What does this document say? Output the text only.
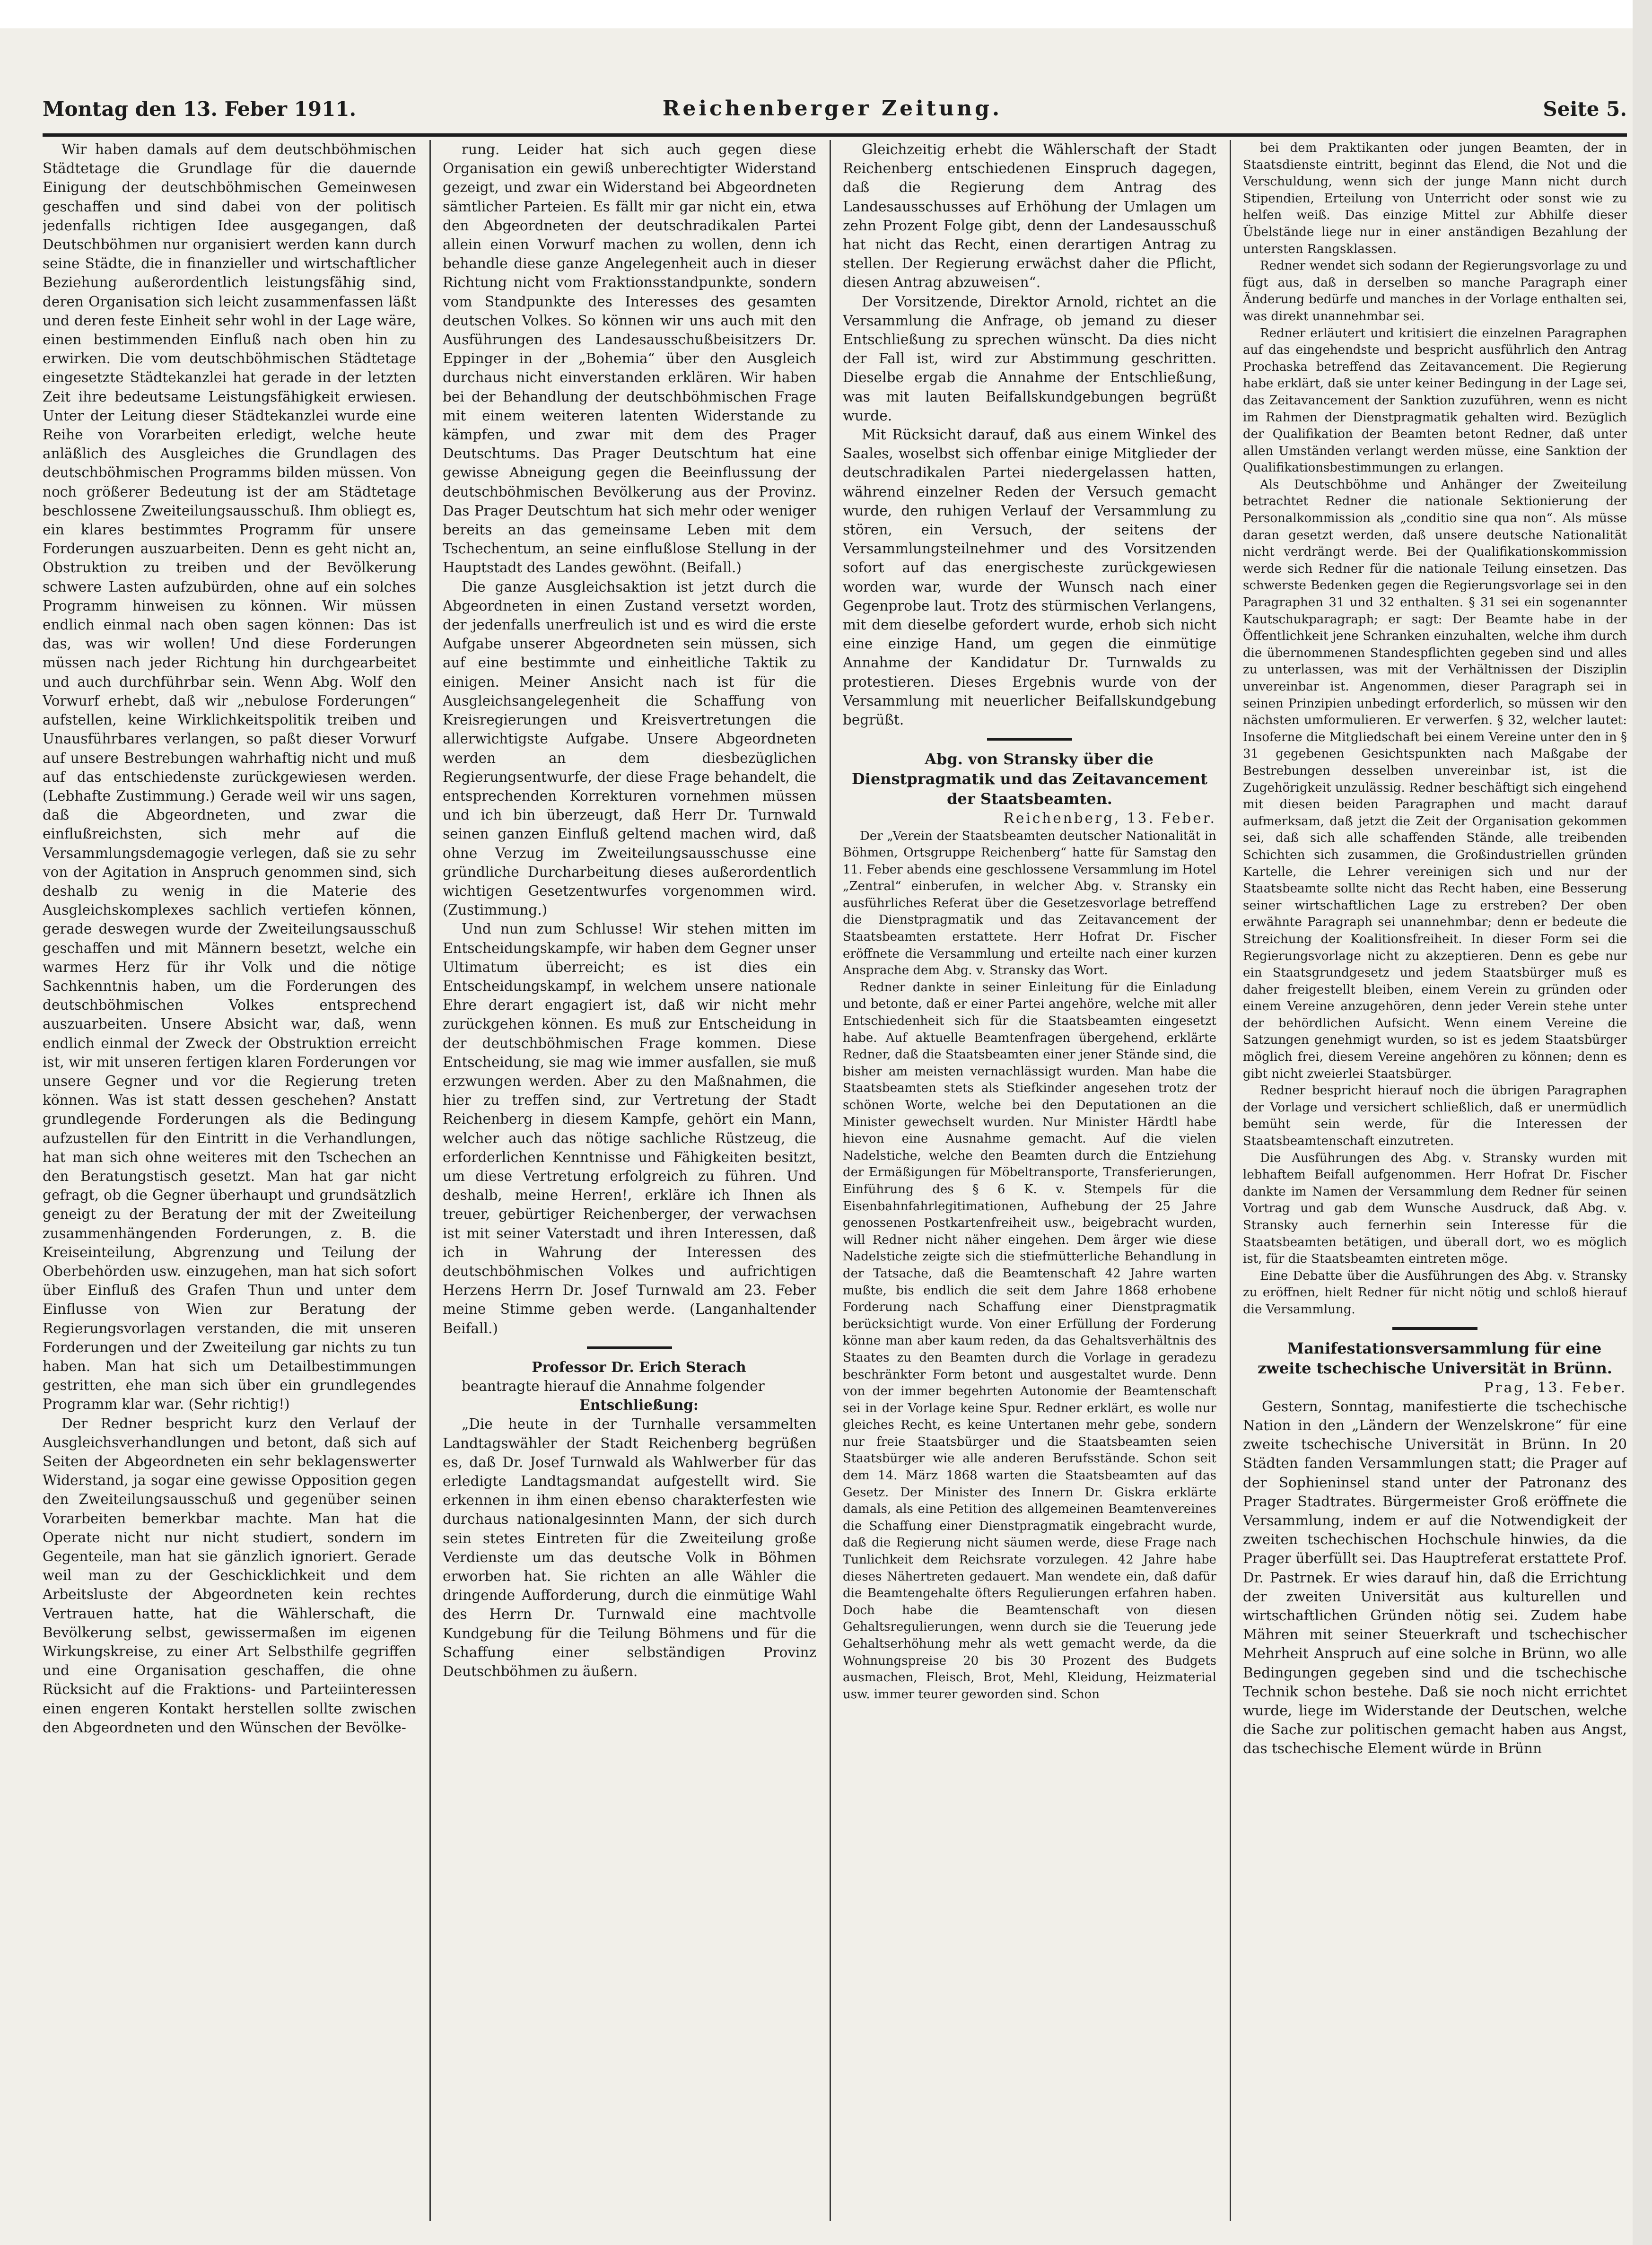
Montag den 13. Feber 1911.	Reichenberger Zeitung.	Seite 5.

Wir haben damals auf dem deutschböhmischen Städtetage die Grundlage für die dauernde Einigung der deutschböhmischen Gemeinwesen geschaffen und sind dabei von der politisch jedenfalls richtigen Idee ausgegangen, daß Deutschböhmen nur organisiert werden kann durch seine Städte, die in finanzieller und wirtschaftlicher Beziehung außerordentlich leistungsfähig sind, deren Organisation sich leicht zusammenfassen läßt und deren feste Einheit sehr wohl in der Lage wäre, einen bestimmenden Einfluß nach oben hin zu erwirken. Die vom deutschböhmischen Städtetage eingesetzte Städtekanzlei hat gerade in der letzten Zeit ihre bedeutsame Leistungsfähigkeit erwiesen. Unter der Leitung dieser Städtekanzlei wurde eine Reihe von Vorarbeiten erledigt, welche heute anläßlich des Ausgleiches die Grundlagen des deutschböhmischen Programms bilden müssen. Von noch größerer Bedeutung ist der am Städtetage beschlossene Zweiteilungsausschuß. Ihm obliegt es, ein klares bestimmtes Programm für unsere Forderungen auszuarbeiten. Denn es geht nicht an, Obstruktion zu treiben und der Bevölkerung schwere Lasten aufzubürden, ohne auf ein solches Programm hinweisen zu können. Wir müssen endlich einmal nach oben sagen können: Das ist das, was wir wollen! Und diese Forderungen müssen nach jeder Richtung hin durchgearbeitet und auch durchführbar sein. Wenn Abg. Wolf den Vorwurf erhebt, daß wir „nebulose Forderungen“ aufstellen, keine Wirklichkeitspolitik treiben und Unausführbares verlangen, so paßt dieser Vorwurf auf unsere Bestrebungen wahrhaftig nicht und muß auf das entschiedenste zurückgewiesen werden. (Lebhafte Zustimmung.) Gerade weil wir uns sagen, daß die Abgeordneten, und zwar die einflußreichsten, sich mehr auf die Versammlungsdemagogie verlegen, daß sie zu sehr von der Agitation in Anspruch genommen sind, sich deshalb zu wenig in die Materie des Ausgleichskomplexes sachlich vertiefen können, gerade deswegen wurde der Zweiteilungsausschuß geschaffen und mit Männern besetzt, welche ein warmes Herz für ihr Volk und die nötige Sachkenntnis haben, um die Forderungen des deutschböhmischen Volkes entsprechend auszuarbeiten. Unsere Absicht war, daß, wenn endlich einmal der Zweck der Obstruktion erreicht ist, wir mit unseren fertigen klaren Forderungen vor unsere Gegner und vor die Regierung treten können. Was ist statt dessen geschehen? Anstatt grundlegende Forderungen als die Bedingung aufzustellen für den Eintritt in die Verhandlungen, hat man sich ohne weiteres mit den Tschechen an den Beratungstisch gesetzt. Man hat gar nicht gefragt, ob die Gegner überhaupt und grundsätzlich geneigt zu der Beratung der mit der Zweiteilung zusammenhängenden Forderungen, z. B. die Kreiseinteilung, Abgrenzung und Teilung der Oberbehörden usw. einzugehen, man hat sich sofort über Einfluß des Grafen Thun und unter dem Einflusse von Wien zur Beratung der Regierungsvorlagen verstanden, die mit unseren Forderungen und der Zweiteilung gar nichts zu tun haben. Man hat sich um Detailbestimmungen gestritten, ehe man sich über ein grundlegendes Programm klar war. (Sehr richtig!)

Der Redner bespricht kurz den Verlauf der Ausgleichsverhandlungen und betont, daß sich auf Seiten der Abgeordneten ein sehr beklagenswerter Widerstand, ja sogar eine gewisse Opposition gegen den Zweiteilungsausschuß und gegenüber seinen Vorarbeiten bemerkbar machte. Man hat die Operate nicht nur nicht studiert, sondern im Gegenteile, man hat sie gänzlich ignoriert. Gerade weil man zu der Geschicklichkeit und dem Arbeitsluste der Abgeordneten kein rechtes Vertrauen hatte, hat die Wählerschaft, die Bevölkerung selbst, gewissermaßen im eigenen Wirkungskreise, zu einer Art Selbsthilfe gegriffen und eine Organisation geschaffen, die ohne Rücksicht auf die Fraktions- und Parteiinteressen einen engeren Kontakt herstellen sollte zwischen den Abgeordneten und den Wünschen der Bevölke-

rung. Leider hat sich auch gegen diese Organisation ein gewiß unberechtigter Widerstand gezeigt, und zwar ein Widerstand bei Abgeordneten sämtlicher Parteien. Es fällt mir gar nicht ein, etwa den Abgeordneten der deutschradikalen Partei allein einen Vorwurf machen zu wollen, denn ich behandle diese ganze Angelegenheit auch in dieser Richtung nicht vom Fraktionsstandpunkte, sondern vom Standpunkte des Interesses des gesamten deutschen Volkes. So können wir uns auch mit den Ausführungen des Landesausschußbeisitzers Dr. Eppinger in der „Bohemia“ über den Ausgleich durchaus nicht einverstanden erklären. Wir haben bei der Behandlung der deutschböhmischen Frage mit einem weiteren latenten Widerstande zu kämpfen, und zwar mit dem des Prager Deutschtums. Das Prager Deutschtum hat eine gewisse Abneigung gegen die Beeinflussung der deutschböhmischen Bevölkerung aus der Provinz. Das Prager Deutschtum hat sich mehr oder weniger bereits an das gemeinsame Leben mit dem Tschechentum, an seine einflußlose Stellung in der Hauptstadt des Landes gewöhnt. (Beifall.)

Die ganze Ausgleichsaktion ist jetzt durch die Abgeordneten in einen Zustand versetzt worden, der jedenfalls unerfreulich ist und es wird die erste Aufgabe unserer Abgeordneten sein müssen, sich auf eine bestimmte und einheitliche Taktik zu einigen. Meiner Ansicht nach ist für die Ausgleichsangelegenheit die Schaffung von Kreisregierungen und Kreisvertretungen die allerwichtigste Aufgabe. Unsere Abgeordneten werden an dem diesbezüglichen Regierungsentwurfe, der diese Frage behandelt, die entsprechenden Korrekturen vornehmen müssen und ich bin überzeugt, daß Herr Dr. Turnwald seinen ganzen Einfluß geltend machen wird, daß ohne Verzug im Zweiteilungsausschusse eine gründliche Durcharbeitung dieses außerordentlich wichtigen Gesetzentwurfes vorgenommen wird. (Zustimmung.)

Und nun zum Schlusse! Wir stehen mitten im Entscheidungskampfe, wir haben dem Gegner unser Ultimatum überreicht; es ist dies ein Entscheidungskampf, in welchem unsere nationale Ehre derart engagiert ist, daß wir nicht mehr zurückgehen können. Es muß zur Entscheidung in der deutschböhmischen Frage kommen. Diese Entscheidung, sie mag wie immer ausfallen, sie muß erzwungen werden. Aber zu den Maßnahmen, die hier zu treffen sind, zur Vertretung der Stadt Reichenberg in diesem Kampfe, gehört ein Mann, welcher auch das nötige sachliche Rüstzeug, die erforderlichen Kenntnisse und Fähigkeiten besitzt, um diese Vertretung erfolgreich zu führen. Und deshalb, meine Herren!, erkläre ich Ihnen als treuer, gebürtiger Reichenberger, der verwachsen ist mit seiner Vaterstadt und ihren Interessen, daß ich in Wahrung der Interessen des deutschböhmischen Volkes und aufrichtigen Herzens Herrn Dr. Josef Turnwald am 23. Feber meine Stimme geben werde. (Langanhaltender Beifall.)

Professor Dr. Erich Sterach

beantragte hierauf die Annahme folgender

Entschließung:

„Die heute in der Turnhalle versammelten Landtagswähler der Stadt Reichenberg begrüßen es, daß Dr. Josef Turnwald als Wahlwerber für das erledigte Landtagsmandat aufgestellt wird. Sie erkennen in ihm einen ebenso charakterfesten wie durchaus nationalgesinnten Mann, der sich durch sein stetes Eintreten für die Zweiteilung große Verdienste um das deutsche Volk in Böhmen erworben hat. Sie richten an alle Wähler die dringende Aufforderung, durch die einmütige Wahl des Herrn Dr. Turnwald eine machtvolle Kundgebung für die Teilung Böhmens und für die Schaffung einer selbständigen Provinz Deutschböhmen zu äußern.

Gleichzeitig erhebt die Wählerschaft der Stadt Reichenberg entschiedenen Einspruch dagegen, daß die Regierung dem Antrag des Landesausschusses auf Erhöhung der Umlagen um zehn Prozent Folge gibt, denn der Landesausschuß hat nicht das Recht, einen derartigen Antrag zu stellen. Der Regierung erwächst daher die Pflicht, diesen Antrag abzuweisen“.

Der Vorsitzende, Direktor Arnold, richtet an die Versammlung die Anfrage, ob jemand zu dieser Entschließung zu sprechen wünscht. Da dies nicht der Fall ist, wird zur Abstimmung geschritten. Dieselbe ergab die Annahme der Entschließung, was mit lauten Beifallskundgebungen begrüßt wurde.

Mit Rücksicht darauf, daß aus einem Winkel des Saales, woselbst sich offenbar einige Mitglieder der deutschradikalen Partei niedergelassen hatten, während einzelner Reden der Versuch gemacht wurde, den ruhigen Verlauf der Versammlung zu stören, ein Versuch, der seitens der Versammlungsteilnehmer und des Vorsitzenden sofort auf das energischeste zurückgewiesen worden war, wurde der Wunsch nach einer Gegenprobe laut. Trotz des stürmischen Verlangens, mit dem dieselbe gefordert wurde, erhob sich nicht eine einzige Hand, um gegen die einmütige Annahme der Kandidatur Dr. Turnwalds zu protestieren. Dieses Ergebnis wurde von der Versammlung mit neuerlicher Beifallskundgebung begrüßt.

Abg. von Stransky über die Dienstpragmatik und das Zeitavancement der Staatsbeamten.

Reichenberg, 13. Feber.

Der „Verein der Staatsbeamten deutscher Nationalität in Böhmen, Ortsgruppe Reichenberg“ hatte für Samstag den 11. Feber abends eine geschlossene Versammlung im Hotel „Zentral“ einberufen, in welcher Abg. v. Stransky ein ausführliches Referat über die Gesetzesvorlage betreffend die Dienstpragmatik und das Zeitavancement der Staatsbeamten erstattete. Herr Hofrat Dr. Fischer eröffnete die Versammlung und erteilte nach einer kurzen Ansprache dem Abg. v. Stransky das Wort.

Redner dankte in seiner Einleitung für die Einladung und betonte, daß er einer Partei angehöre, welche mit aller Entschiedenheit sich für die Staatsbeamten eingesetzt habe. Auf aktuelle Beamtenfragen übergehend, erklärte Redner, daß die Staatsbeamten einer jener Stände sind, die bisher am meisten vernachlässigt wurden. Man habe die Staatsbeamten stets als Stiefkinder angesehen trotz der schönen Worte, welche bei den Deputationen an die Minister gewechselt wurden. Nur Minister Härdtl habe hievon eine Ausnahme gemacht. Auf die vielen Nadelstiche, welche den Beamten durch die Entziehung der Ermäßigungen für Möbeltransporte, Transferierungen, Einführung des § 6 K. v. Stempels für die Eisenbahnfahrlegitimationen, Aufhebung der 25 Jahre genossenen Postkartenfreiheit usw., beigebracht wurden, will Redner nicht näher eingehen. Dem ärger wie diese Nadelstiche zeigte sich die stiefmütterliche Behandlung in der Tatsache, daß die Beamtenschaft 42 Jahre warten mußte, bis endlich die seit dem Jahre 1868 erhobene Forderung nach Schaffung einer Dienstpragmatik berücksichtigt wurde. Von einer Erfüllung der Forderung könne man aber kaum reden, da das Gehaltsverhältnis des Staates zu den Beamten durch die Vorlage in geradezu beschränkter Form betont und ausgestaltet wurde. Denn von der immer begehrten Autonomie der Beamtenschaft sei in der Vorlage keine Spur. Redner erklärt, es wolle nur gleiches Recht, es keine Untertanen mehr gebe, sondern nur freie Staatsbürger und die Staatsbeamten seien Staatsbürger wie alle anderen Berufsstände. Schon seit dem 14. März 1868 warten die Staatsbeamten auf das Gesetz. Der Minister des Innern Dr. Giskra erklärte damals, als eine Petition des allgemeinen Beamtenvereines die Schaffung einer Dienstpragmatik eingebracht wurde, daß die Regierung nicht säumen werde, diese Frage nach Tunlichkeit dem Reichsrate vorzulegen. 42 Jahre habe dieses Nähertreten gedauert. Man wendete ein, daß dafür die Beamtengehalte öfters Regulierungen erfahren haben. Doch habe die Beamtenschaft von diesen Gehaltsregulierungen, wenn durch sie die Teuerung jede Gehaltserhöhung mehr als wett gemacht werde, da die Wohnungspreise 20 bis 30 Prozent des Budgets ausmachen, Fleisch, Brot, Mehl, Kleidung, Heizmaterial usw. immer teurer geworden sind. Schon

bei dem Praktikanten oder jungen Beamten, der in Staatsdienste eintritt, beginnt das Elend, die Not und die Verschuldung, wenn sich der junge Mann nicht durch Stipendien, Erteilung von Unterricht oder sonst wie zu helfen weiß. Das einzige Mittel zur Abhilfe dieser Übelstände liege nur in einer anständigen Bezahlung der untersten Rangsklassen.

Redner wendet sich sodann der Regierungsvorlage zu und fügt aus, daß in derselben so manche Paragraph einer Änderung bedürfe und manches in der Vorlage enthalten sei, was direkt unannehmbar sei.

Redner erläutert und kritisiert die einzelnen Paragraphen auf das eingehendste und bespricht ausführlich den Antrag Prochaska betreffend das Zeitavancement. Die Regierung habe erklärt, daß sie unter keiner Bedingung in der Lage sei, das Zeitavancement der Sanktion zuzuführen, wenn es nicht im Rahmen der Dienstpragmatik gehalten wird. Bezüglich der Qualifikation der Beamten betont Redner, daß unter allen Umständen verlangt werden müsse, eine Sanktion der Qualifikationsbestimmungen zu erlangen.

Als Deutschböhme und Anhänger der Zweiteilung betrachtet Redner die nationale Sektionierung der Personalkommission als „conditio sine qua non“. Als müsse daran gesetzt werden, daß unsere deutsche Nationalität nicht verdrängt werde. Bei der Qualifikationskommission werde sich Redner für die nationale Teilung einsetzen. Das schwerste Bedenken gegen die Regierungsvorlage sei in den Paragraphen 31 und 32 enthalten. § 31 sei ein sogenannter Kautschukparagraph; er sagt: Der Beamte habe in der Öffentlichkeit jene Schranken einzuhalten, welche ihm durch die übernommenen Standespflichten gegeben sind und alles zu unterlassen, was mit der Verhältnissen der Disziplin unvereinbar ist. Angenommen, dieser Paragraph sei in seinen Prinzipien unbedingt erforderlich, so müssen wir den nächsten umformulieren. Er verwerfen. § 32, welcher lautet: Insoferne die Mitgliedschaft bei einem Vereine unter den in § 31 gegebenen Gesichtspunkten nach Maßgabe der Bestrebungen desselben unvereinbar ist, ist die Zugehörigkeit unzulässig. Redner beschäftigt sich eingehend mit diesen beiden Paragraphen und macht darauf aufmerksam, daß jetzt die Zeit der Organisation gekommen sei, daß sich alle schaffenden Stände, alle treibenden Schichten sich zusammen, die Großindustriellen gründen Kartelle, die Lehrer vereinigen sich und nur der Staatsbeamte sollte nicht das Recht haben, eine Besserung seiner wirtschaftlichen Lage zu erstreben? Der oben erwähnte Paragraph sei unannehmbar; denn er bedeute die Streichung der Koalitionsfreiheit. In dieser Form sei die Regierungsvorlage nicht zu akzeptieren. Denn es gebe nur ein Staatsgrundgesetz und jedem Staatsbürger muß es daher freigestellt bleiben, einem Verein zu gründen oder einem Vereine anzugehören, denn jeder Verein stehe unter der behördlichen Aufsicht. Wenn einem Vereine die Satzungen genehmigt wurden, so ist es jedem Staatsbürger möglich frei, diesem Vereine angehören zu können; denn es gibt nicht zweierlei Staatsbürger.

Redner bespricht hierauf noch die übrigen Paragraphen der Vorlage und versichert schließlich, daß er unermüdlich bemüht sein werde, für die Interessen der Staatsbeamtenschaft einzutreten.

Die Ausführungen des Abg. v. Stransky wurden mit lebhaftem Beifall aufgenommen. Herr Hofrat Dr. Fischer dankte im Namen der Versammlung dem Redner für seinen Vortrag und gab dem Wunsche Ausdruck, daß Abg. v. Stransky auch fernerhin sein Interesse für die Staatsbeamten betätigen, und überall dort, wo es möglich ist, für die Staatsbeamten eintreten möge.

Eine Debatte über die Ausführungen des Abg. v. Stransky zu eröffnen, hielt Redner für nicht nötig und schloß hierauf die Versammlung.

Manifestationsversammlung für eine zweite tschechische Universität in Brünn.

Prag, 13. Feber.

Gestern, Sonntag, manifestierte die tschechische Nation in den „Ländern der Wenzelskrone“ für eine zweite tschechische Universität in Brünn. In 20 Städten fanden Versammlungen statt; die Prager auf der Sophieninsel stand unter der Patronanz des Prager Stadtrates. Bürgermeister Groß eröffnete die Versammlung, indem er auf die Notwendigkeit der zweiten tschechischen Hochschule hinwies, da die Prager überfüllt sei. Das Hauptreferat erstattete Prof. Dr. Pastrnek. Er wies darauf hin, daß die Errichtung der zweiten Universität aus kulturellen und wirtschaftlichen Gründen nötig sei. Zudem habe Mähren mit seiner Steuerkraft und tschechischer Mehrheit Anspruch auf eine solche in Brünn, wo alle Bedingungen gegeben sind und die tschechische Technik schon bestehe. Daß sie noch nicht errichtet wurde, liege im Widerstande der Deutschen, welche die Sache zur politischen gemacht haben aus Angst, das tschechische Element würde in Brünn
